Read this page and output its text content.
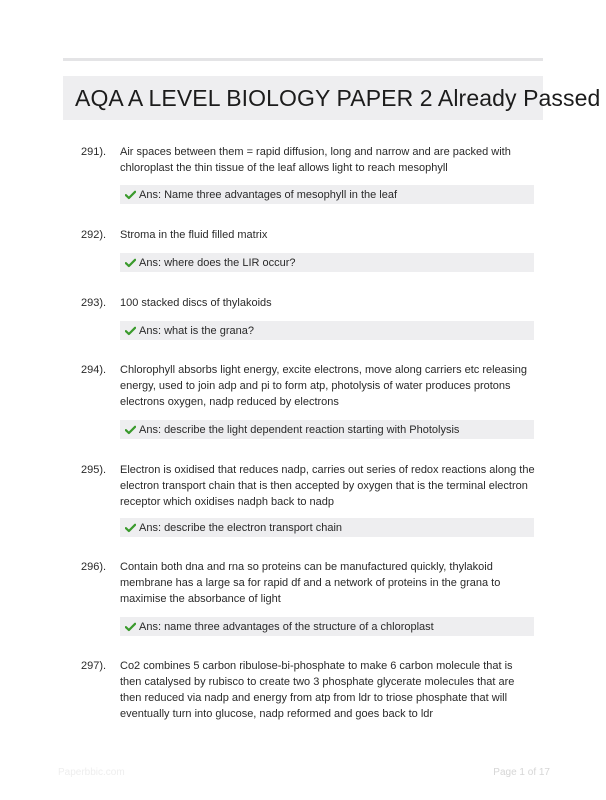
AQA A LEVEL BIOLOGY PAPER 2 Already Passed
291). Air spaces between them = rapid diffusion, long and narrow and are packed with chloroplast the thin tissue of the leaf allows light to reach mesophyll
Ans: Name three advantages of mesophyll in the leaf
292). Stroma in the fluid filled matrix
Ans: where does the LIR occur?
293). 100 stacked discs of thylakoids
Ans: what is the grana?
294). Chlorophyll absorbs light energy, excite electrons, move along carriers etc releasing energy, used to join adp and pi to form atp, photolysis of water produces protons electrons oxygen, nadp reduced by electrons
Ans: describe the light dependent reaction starting with Photolysis
295). Electron is oxidised that reduces nadp, carries out series of redox reactions along the electron transport chain that is then accepted by oxygen that is the terminal electron receptor which oxidises nadph back to nadp
Ans: describe the electron transport chain
296). Contain both dna and rna so proteins can be manufactured quickly, thylakoid membrane has a large sa for rapid df and a network of proteins in the grana to maximise the absorbance of light
Ans: name three advantages of the structure of a chloroplast
297). Co2 combines 5 carbon ribulose-bi-phosphate to make 6 carbon molecule that is then catalysed by rubisco to create two 3 phosphate glycerate molecules that are then reduced via nadp and energy from atp from ldr to triose phosphate that will eventually turn into glucose, nadp reformed and goes back to ldr
Paperbbic.com	Page 1 of 17
